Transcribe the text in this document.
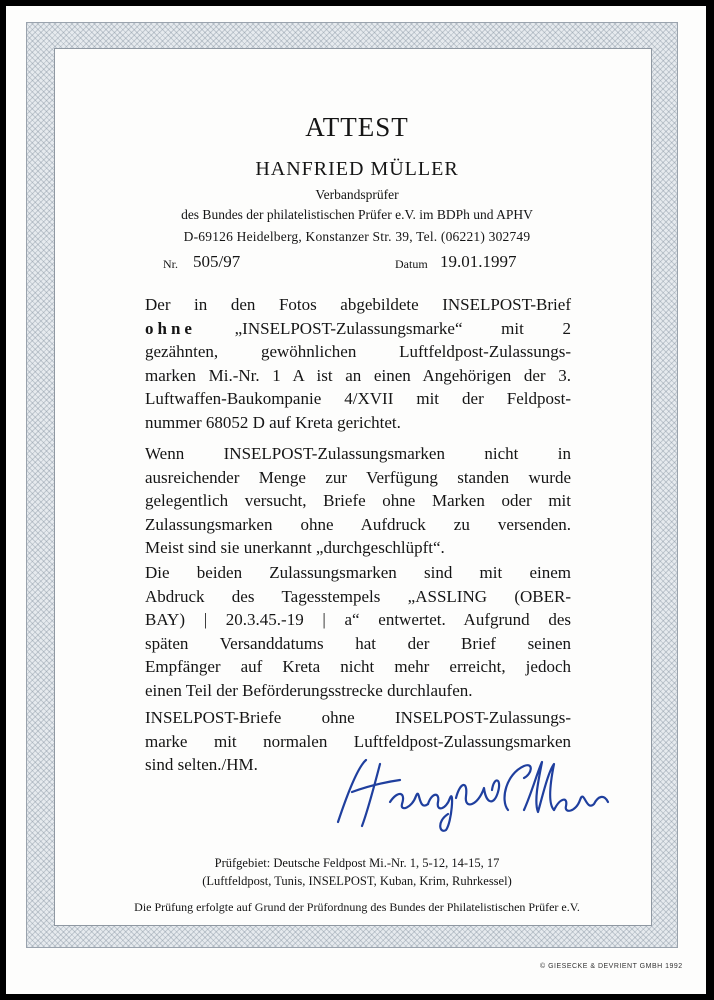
ATTEST
HANFRIED MÜLLER
Verbandsprüfer
des Bundes der philatelistischen Prüfer e.V. im BDPh und APHV
D-69126 Heidelberg, Konstanzer Str. 39, Tel. (06221) 302749
Nr. 505/97	Datum 19.01.1997
Der in den Fotos abgebildete INSELPOST-Brief
ohne „INSELPOST-Zulassungsmarke“ mit 2
gezähnten, gewöhnlichen Luftfeldpost-Zulassungs-
marken Mi.-Nr. 1 A ist an einen Angehörigen der 3.
Luftwaffen-Baukompanie 4/XVII mit der Feldpost-
nummer 68052 D auf Kreta gerichtet.
Wenn INSELPOST-Zulassungsmarken nicht in
ausreichender Menge zur Verfügung standen wurde
gelegentlich versucht, Briefe ohne Marken oder mit
Zulassungsmarken ohne Aufdruck zu versenden.
Meist sind sie unerkannt „durchgeschlüpft“.
Die beiden Zulassungsmarken sind mit einem
Abdruck des Tagesstempels „ASSLING (OBER-
BAY) | 20.3.45.-19 | a“ entwertet. Aufgrund des
späten Versanddatums hat der Brief seinen
Empfänger auf Kreta nicht mehr erreicht, jedoch
einen Teil der Beförderungsstrecke durchlaufen.
INSELPOST-Briefe ohne INSELPOST-Zulassungs-
marke mit normalen Luftfeldpost-Zulassungsmarken
sind selten./HM.
Prüfgebiet: Deutsche Feldpost Mi.-Nr. 1, 5-12, 14-15, 17
(Luftfeldpost, Tunis, INSELPOST, Kuban, Krim, Ruhrkessel)
Die Prüfung erfolgte auf Grund der Prüfordnung des Bundes der Philatelistischen Prüfer e.V.
© GIESECKE & DEVRIENT GMBH 1992
